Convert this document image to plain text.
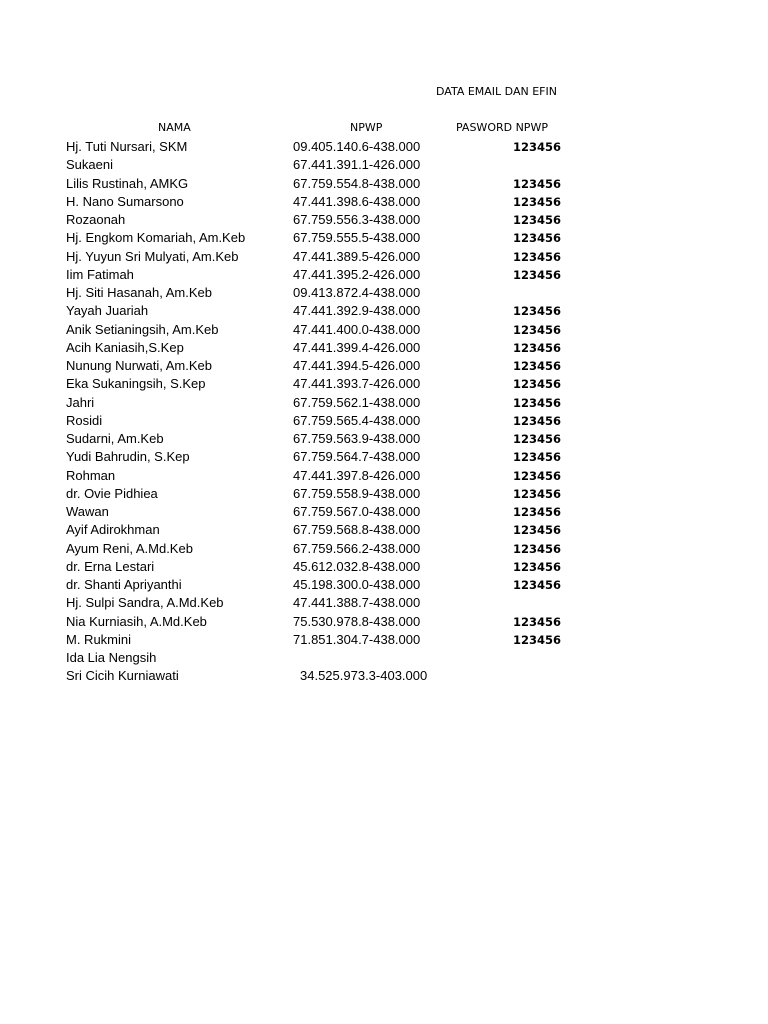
DATA EMAIL DAN EFIN
NAMA	NPWP	PASWORD NPWP
Hj. Tuti Nursari, SKM	09.405.140.6-438.000	123456
Sukaeni	67.441.391.1-426.000
Lilis Rustinah, AMKG	67.759.554.8-438.000	123456
H. Nano Sumarsono	47.441.398.6-438.000	123456
Rozaonah	67.759.556.3-438.000	123456
Hj. Engkom Komariah, Am.Keb	67.759.555.5-438.000	123456
Hj. Yuyun Sri Mulyati, Am.Keb	47.441.389.5-426.000	123456
Iim Fatimah	47.441.395.2-426.000	123456
Hj. Siti Hasanah, Am.Keb	09.413.872.4-438.000
Yayah Juariah	47.441.392.9-438.000	123456
Anik Setianingsih, Am.Keb	47.441.400.0-438.000	123456
Acih Kaniasih,S.Kep	47.441.399.4-426.000	123456
Nunung Nurwati, Am.Keb	47.441.394.5-426.000	123456
Eka Sukaningsih, S.Kep	47.441.393.7-426.000	123456
Jahri	67.759.562.1-438.000	123456
Rosidi	67.759.565.4-438.000	123456
Sudarni, Am.Keb	67.759.563.9-438.000	123456
Yudi Bahrudin, S.Kep	67.759.564.7-438.000	123456
Rohman	47.441.397.8-426.000	123456
dr. Ovie Pidhiea	67.759.558.9-438.000	123456
Wawan	67.759.567.0-438.000	123456
Ayif Adirokhman	67.759.568.8-438.000	123456
Ayum Reni, A.Md.Keb	67.759.566.2-438.000	123456
dr. Erna Lestari	45.612.032.8-438.000	123456
dr. Shanti Apriyanthi	45.198.300.0-438.000	123456
Hj. Sulpi Sandra, A.Md.Keb	47.441.388.7-438.000
Nia Kurniasih, A.Md.Keb	75.530.978.8-438.000	123456
M. Rukmini	71.851.304.7-438.000	123456
Ida Lia Nengsih
Sri Cicih Kurniawati	34.525.973.3-403.000
